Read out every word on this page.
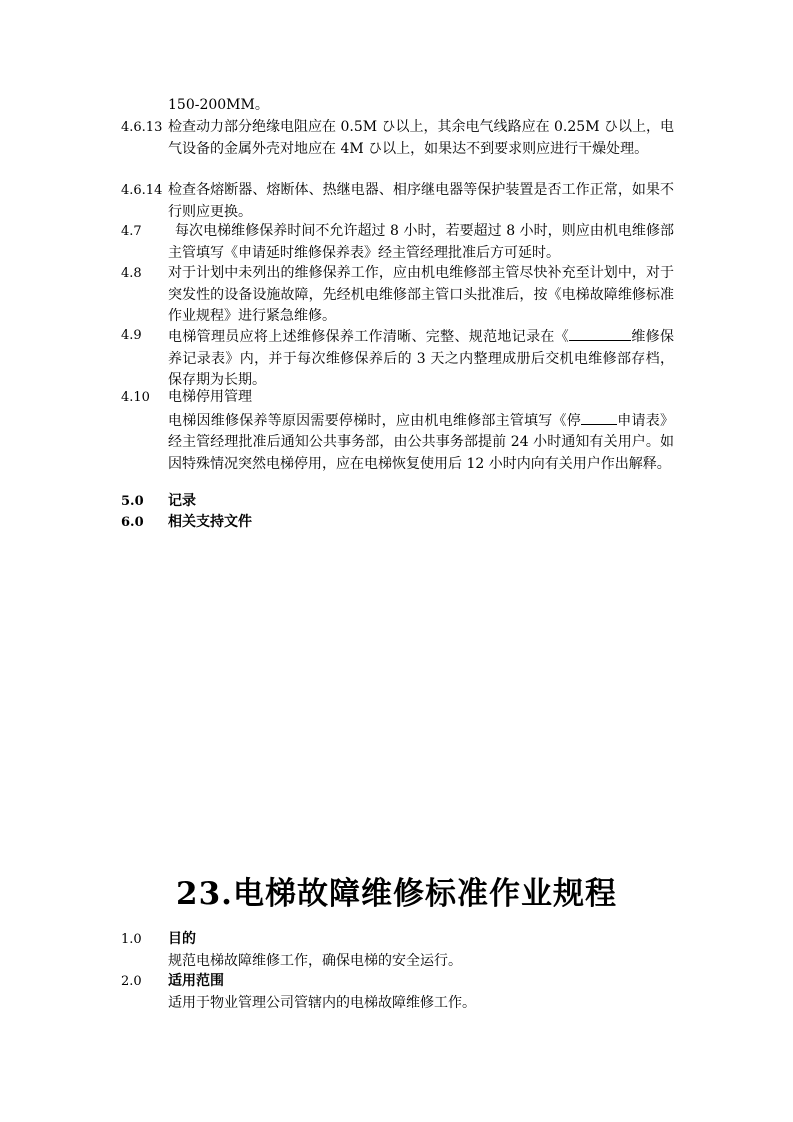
150-200MM。
4.6.13 检查动力部分绝缘电阻应在 0.5M ひ以上，其余电气线路应在 0.25M ひ以上，电气设备的金属外壳对地应在 4M ひ以上，如果达不到要求则应进行干燥处理。
4.6.14 检查各熔断器、熔断体、热继电器、相序继电器等保护装置是否工作正常，如果不行则应更换。
4.7	每次电梯维修保养时间不允许超过 8 小时，若要超过 8 小时，则应由机电维修部主管填写《申请延时维修保养表》经主管经理批准后方可延时。
4.8 对于计划中未列出的维修保养工作，应由机电维修部主管尽快补充至计划中，对于突发性的设备设施故障，先经机电维修部主管口头批准后，按《电梯故障维修标准作业规程》进行紧急维修。
4.9 电梯管理员应将上述维修保养工作清晰、完整、规范地记录在《	维修保养记录表》内，并于每次维修保养后的 3 天之内整理成册后交机电维修部存档，保存期为长期。
4.10 电梯停用管理
电梯因维修保养等原因需要停梯时，应由机电维修部主管填写《停	申请表》经主管经理批准后通知公共事务部，由公共事务部提前 24 小时通知有关用户。如因特殊情况突然电梯停用，应在电梯恢复使用后 12 小时内向有关用户作出解释。
5.0 记录
6.0 相关支持文件
23.电梯故障维修标准作业规程
1.0 目的
规范电梯故障维修工作，确保电梯的安全运行。
2.0 适用范围
适用于物业管理公司管辖内的电梯故障维修工作。
